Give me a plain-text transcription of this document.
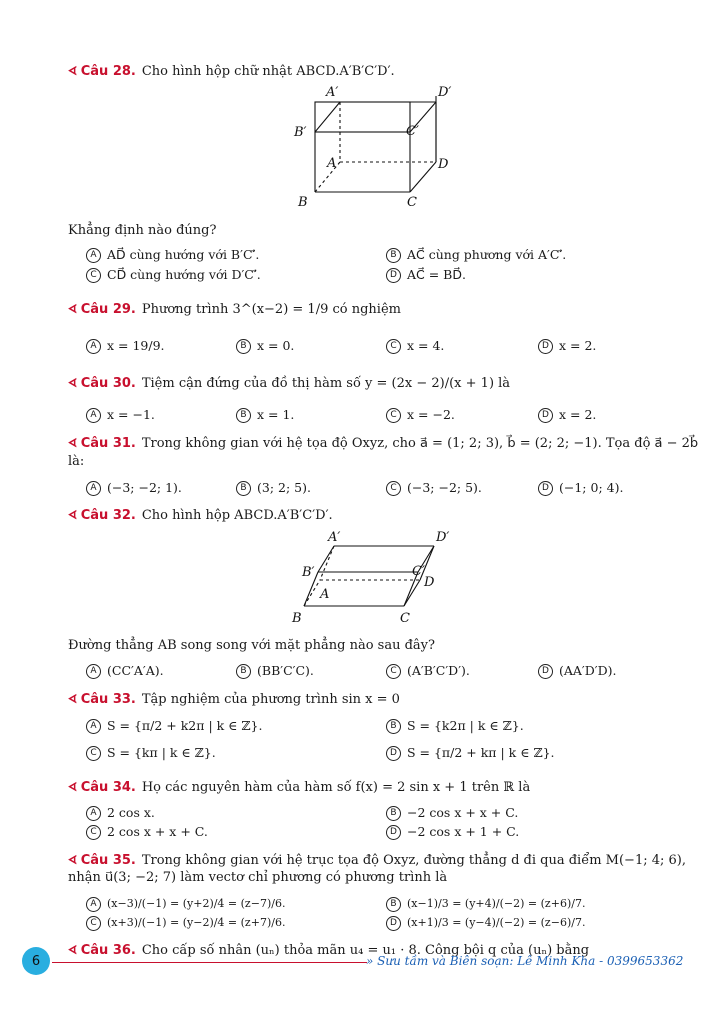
ᗏ Câu 28. Cho hình hộp chữ nhật ABCD.A′B′C′D′.
A′	D′
B′	C′
A	D
B	C
Khẳng định nào đúng?
A AD⃗ cùng hướng với B′C′⃗.	B AC⃗ cùng phương với A′C′⃗.
C CD⃗ cùng hướng với D′C′⃗.	D AC⃗ = BD⃗.
ᗏ Câu 29. Phương trình 3^(x−2) = 1/9 có nghiệm
A x = 19/9.	B x = 0.	C x = 4.	D x = 2.
ᗏ Câu 30. Tiệm cận đứng của đồ thị hàm số y = (2x − 2)/(x + 1) là
A x = −1.	B x = 1.	C x = −2.	D x = 2.
ᗏ Câu 31. Trong không gian với hệ tọa độ Oxyz, cho a⃗ = (1; 2; 3), b⃗ = (2; 2; −1). Tọa độ a⃗ − 2b⃗
là:
A (−3; −2; 1).	B (3; 2; 5).	C (−3; −2; 5).	D (−1; 0; 4).
ᗏ Câu 32. Cho hình hộp ABCD.A′B′C′D′.
A′	D′
B′	C′
A
D
B	C
Đường thẳng AB song song với mặt phẳng nào sau đây?
A (CC′A′A).	B (BB′C′C).	C (A′B′C′D′).	D (AA′D′D).
ᗏ Câu 33. Tập nghiệm của phương trình sin x = 0
A S = {π/2 + k2π | k ∈ ℤ}.	B S = {k2π | k ∈ ℤ}.
C S = {kπ | k ∈ ℤ}.	D S = {π/2 + kπ | k ∈ ℤ}.
ᗏ Câu 34. Họ các nguyên hàm của hàm số f(x) = 2 sin x + 1 trên ℝ là
A 2 cos x.	B −2 cos x + x + C.
C 2 cos x + x + C.	D −2 cos x + 1 + C.
ᗏ Câu 35. Trong không gian với hệ trục tọa độ Oxyz, đường thẳng d đi qua điểm M(−1; 4; 6),
nhận u⃗(3; −2; 7) làm vectơ chỉ phương có phương trình là
A (x−3)/(−1) = (y+2)/4 = (z−7)/6.	B (x−1)/3 = (y+4)/(−2) = (z+6)/7.
C (x+3)/(−1) = (y−2)/4 = (z+7)/6.	D (x+1)/3 = (y−4)/(−2) = (z−6)/7.
ᗏ Câu 36. Cho cấp số nhân (uₙ) thỏa mãn u₄ = u₁ · 8. Công bội q của (uₙ) bằng
6	» Sưu tầm và Biên soạn: Lê Minh Kha - 0399653362
